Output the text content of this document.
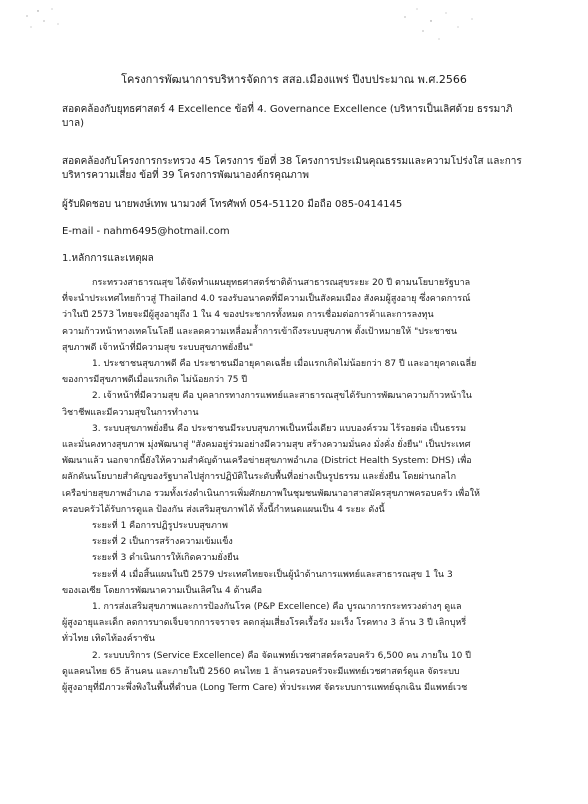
โครงการพัฒนาการบริหารจัดการ สสอ.เมืองแพร่ ปีงบประมาณ พ.ศ.2566

สอดคล้องกับยุทธศาสตร์ 4 Excellence ข้อที่ 4. Governance Excellence (บริหารเป็นเลิศด้วย ธรรมาภิ

บาล)

สอดคล้องกับโครงการกระทรวง 45 โครงการ ข้อที่ 38 โครงการประเมินคุณธรรมและความโปร่งใส และการ

บริหารความเสี่ยง ข้อที่ 39 โครงการพัฒนาองค์กรคุณภาพ

ผู้รับผิดชอบ นายพงษ์เทพ นามวงศ์ โทรศัพท์ 054-51120 มือถือ 085-0414145

E-mail - nahm6495@hotmail.com

1.หลักการและเหตุผล

กระทรวงสาธารณสุข ได้จัดทำแผนยุทธศาสตร์ชาติด้านสาธารณสุขระยะ 20 ปี ตามนโยบายรัฐบาล

ที่จะนำประเทศไทยก้าวสู่ Thailand 4.0 รองรับอนาคตที่มีความเป็นสังคมเมือง สังคมผู้สูงอายุ ซึ่งคาดการณ์

ว่าในปี 2573 ไทยจะมีผู้สูงอายุถึง 1 ใน 4 ของประชากรทั้งหมด การเชื่อมต่อการค้าและการลงทุน

ความก้าวหน้าทางเทคโนโลยี และลดความเหลื่อมล้ำการเข้าถึงระบบสุขภาพ ตั้งเป้าหมายให้ "ประชาชน

สุขภาพดี เจ้าหน้าที่มีความสุข ระบบสุขภาพยั่งยืน"

1. ประชาชนสุขภาพดี คือ ประชาชนมีอายุคาดเฉลี่ย เมื่อแรกเกิดไม่น้อยกว่า 87 ปี และอายุคาดเฉลี่ย

ของการมีสุขภาพดีเมื่อแรกเกิด ไม่น้อยกว่า 75 ปี

2. เจ้าหน้าที่มีความสุข คือ บุคลากรทางการแพทย์และสาธารณสุขได้รับการพัฒนาความก้าวหน้าใน

วิชาชีพและมีความสุขในการทำงาน

3. ระบบสุขภาพยั่งยืน คือ ประชาชนมีระบบสุขภาพเป็นหนึ่งเดียว แบบองค์รวม ไร้รอยต่อ เป็นธรรม

และมั่นคงทางสุขภาพ มุ่งพัฒนาสู่ "สังคมอยู่ร่วมอย่างมีความสุข สร้างความมั่นคง มั่งคั่ง ยั่งยืน" เป็นประเทศ

พัฒนาแล้ว นอกจากนี้ยังให้ความสำคัญด้านเครือข่ายสุขภาพอำเภอ (District Health System: DHS) เพื่อ

ผลักดันนโยบายสำคัญของรัฐบาลไปสู่การปฏิบัติในระดับพื้นที่อย่างเป็นรูปธรรม และยั่งยืน โดยผ่านกลไก

เครือข่ายสุขภาพอำเภอ รวมทั้งเร่งดำเนินการเพิ่มศักยภาพในชุมชนพัฒนาอาสาสมัครสุขภาพครอบครัว เพื่อให้

ครอบครัวได้รับการดูแล ป้องกัน ส่งเสริมสุขภาพได้ ทั้งนี้กำหนดแผนเป็น 4 ระยะ ดังนี้

ระยะที่ 1 คือการปฏิรูประบบสุขภาพ

ระยะที่ 2 เป็นการสร้างความเข้มแข็ง

ระยะที่ 3 ดำเนินการให้เกิดความยั่งยืน

ระยะที่ 4 เมื่อสิ้นแผนในปี 2579 ประเทศไทยจะเป็นผู้นำด้านการแพทย์และสาธารณสุข 1 ใน 3

ของเอเซีย โดยการพัฒนาความเป็นเลิศใน 4 ด้านคือ

1. การส่งเสริมสุขภาพและการป้องกันโรค (P&P Excellence) คือ บูรณาการกระทรวงต่างๆ ดูแล

ผู้สูงอายุและเด็ก ลดการบาดเจ็บจากการจราจร ลดกลุ่มเสี่ยงโรคเรื้อรัง มะเร็ง โรคทาง 3 ล้าน 3 ปี เลิกบุหรี่

ทั่วไทย เทิดไท้องค์ราชัน

2. ระบบบริการ (Service Excellence) คือ จัดแพทย์เวชศาสตร์ครอบครัว 6,500 คน ภายใน 10 ปี

ดูแลคนไทย 65 ล้านคน และภายในปี 2560 คนไทย 1 ล้านครอบครัวจะมีแพทย์เวชศาสตร์ดูแล จัดระบบ

ผู้สูงอายุที่มีภาวะพึ่งพิงในพื้นที่ตำบล (Long Term Care) ทั่วประเทศ จัดระบบการแพทย์ฉุกเฉิน มีแพทย์เวช
